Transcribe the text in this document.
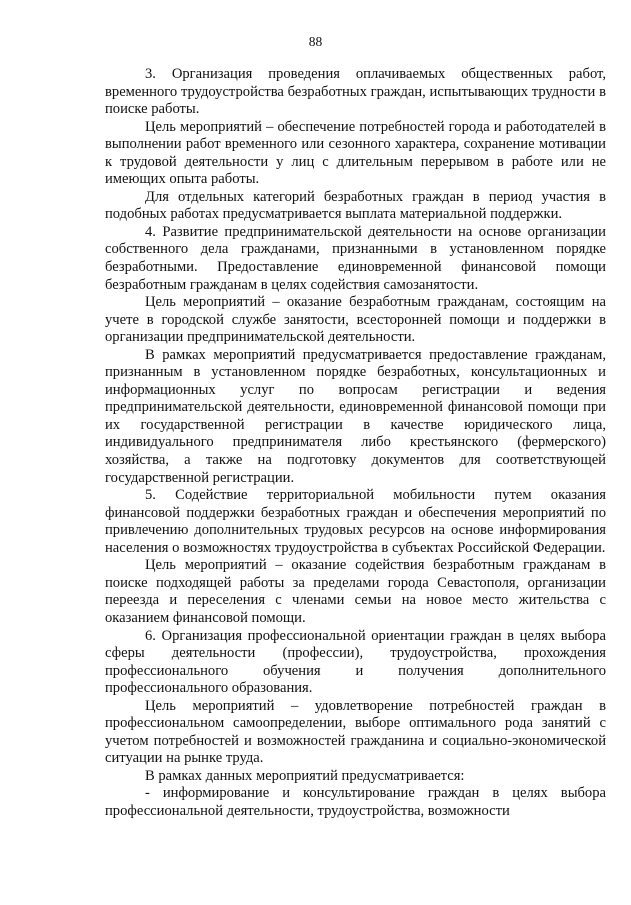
88

3. Организация проведения оплачиваемых общественных работ, временного трудоустройства безработных граждан, испытывающих трудности в поиске работы.

Цель мероприятий – обеспечение потребностей города и работодателей в выполнении работ временного или сезонного характера, сохранение мотивации к трудовой деятельности у лиц с длительным перерывом в работе или не имеющих опыта работы.

Для отдельных категорий безработных граждан в период участия в подобных работах предусматривается выплата материальной поддержки.

4. Развитие предпринимательской деятельности на основе организации собственного дела гражданами, признанными в установленном порядке безработными. Предоставление единовременной финансовой помощи безработным гражданам в целях содействия самозанятости.

Цель мероприятий – оказание безработным гражданам, состоящим на учете в городской службе занятости, всесторонней помощи и поддержки в организации предпринимательской деятельности.

В рамках мероприятий предусматривается предоставление гражданам, признанным в установленном порядке безработных, консультационных и информационных услуг по вопросам регистрации и ведения предпринимательской деятельности, единовременной финансовой помощи при их государственной регистрации в качестве юридического лица, индивидуального предпринимателя либо крестьянского (фермерского) хозяйства, а также на подготовку документов для соответствующей государственной регистрации.

5. Содействие территориальной мобильности путем оказания финансовой поддержки безработных граждан и обеспечения мероприятий по привлечению дополнительных трудовых ресурсов на основе информирования населения о возможностях трудоустройства в субъектах Российской Федерации.

Цель мероприятий – оказание содействия безработным гражданам в поиске подходящей работы за пределами города Севастополя, организации переезда и переселения с членами семьи на новое место жительства с оказанием финансовой помощи.

6. Организация профессиональной ориентации граждан в целях выбора сферы деятельности (профессии), трудоустройства, прохождения профессионального обучения и получения дополнительного профессионального образования.

Цель мероприятий – удовлетворение потребностей граждан в профессиональном самоопределении, выборе оптимального рода занятий с учетом потребностей и возможностей гражданина и социально-экономической ситуации на рынке труда.

В рамках данных мероприятий предусматривается:

- информирование и консультирование граждан в целях выбора профессиональной деятельности, трудоустройства, возможности
